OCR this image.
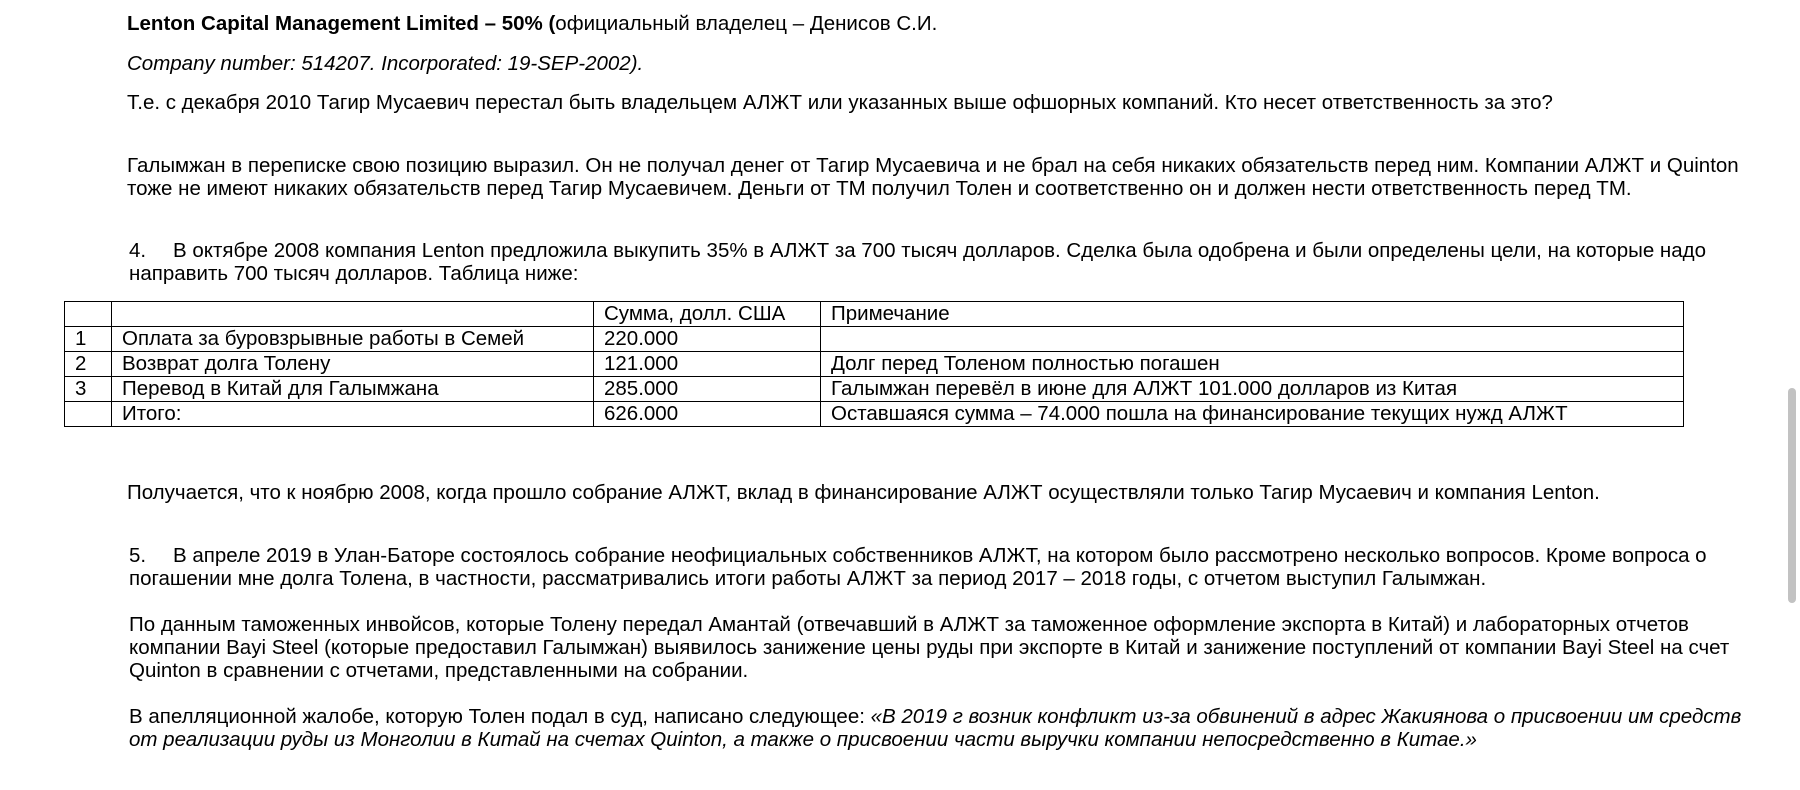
Lenton Capital Management Limited – 50% (официальный владелец – Денисов С.И.

Company number: 514207. Incorporated: 19-SEP-2002).

Т.е. с декабря 2010 Тагир Мусаевич перестал быть владельцем АЛЖТ или указанных выше офшорных компаний. Кто несет ответственность за это?

Галымжан в переписке свою позицию выразил. Он не получал денег от Тагир Мусаевича и не брал на себя никаких обязательств перед ним. Компании АЛЖТ и Quinton тоже не имеют никаких обязательств перед Тагир Мусаевичем. Деньги от ТМ получил Толен и соответственно он и должен нести ответственность перед ТМ.

4. В октябре 2008 компания Lenton предложила выкупить 35% в АЛЖТ за 700 тысяч долларов. Сделка была одобрена и были определены цели, на которые надо направить 700 тысяч долларов. Таблица ниже:

		Сумма, долл. США	Примечание
1	Оплата за буровзрывные работы в Семей	220.000	
2	Возврат долга Толену	121.000	Долг перед Толеном полностью погашен
3	Перевод в Китай для Галымжана	285.000	Галымжан перевёл в июне для АЛЖТ 101.000 долларов из Китая
	Итого:	626.000	Оставшаяся сумма – 74.000 пошла на финансирование текущих нужд АЛЖТ

Получается, что к ноябрю 2008, когда прошло собрание АЛЖТ, вклад в финансирование АЛЖТ осуществляли только Тагир Мусаевич и компания Lenton.

5. В апреле 2019 в Улан-Баторе состоялось собрание неофициальных собственников АЛЖТ, на котором было рассмотрено несколько вопросов. Кроме вопроса о погашении мне долга Толена, в частности, рассматривались итоги работы АЛЖТ за период 2017 – 2018 годы, с отчетом выступил Галымжан.

По данным таможенных инвойсов, которые Толену передал Амантай (отвечавший в АЛЖТ за таможенное оформление экспорта в Китай) и лабораторных отчетов компании Bayi Steel (которые предоставил Галымжан) выявилось занижение цены руды при экспорте в Китай и занижение поступлений от компании Bayi Steel на счет Quinton в сравнении с отчетами, представленными на собрании.

В апелляционной жалобе, которую Толен подал в суд, написано следующее: «В 2019 г возник конфликт из-за обвинений в адрес Жакиянова о присвоении им средств от реализации руды из Монголии в Китай на счетах Quinton, а также о присвоении части выручки компании непосредственно в Китае.»
